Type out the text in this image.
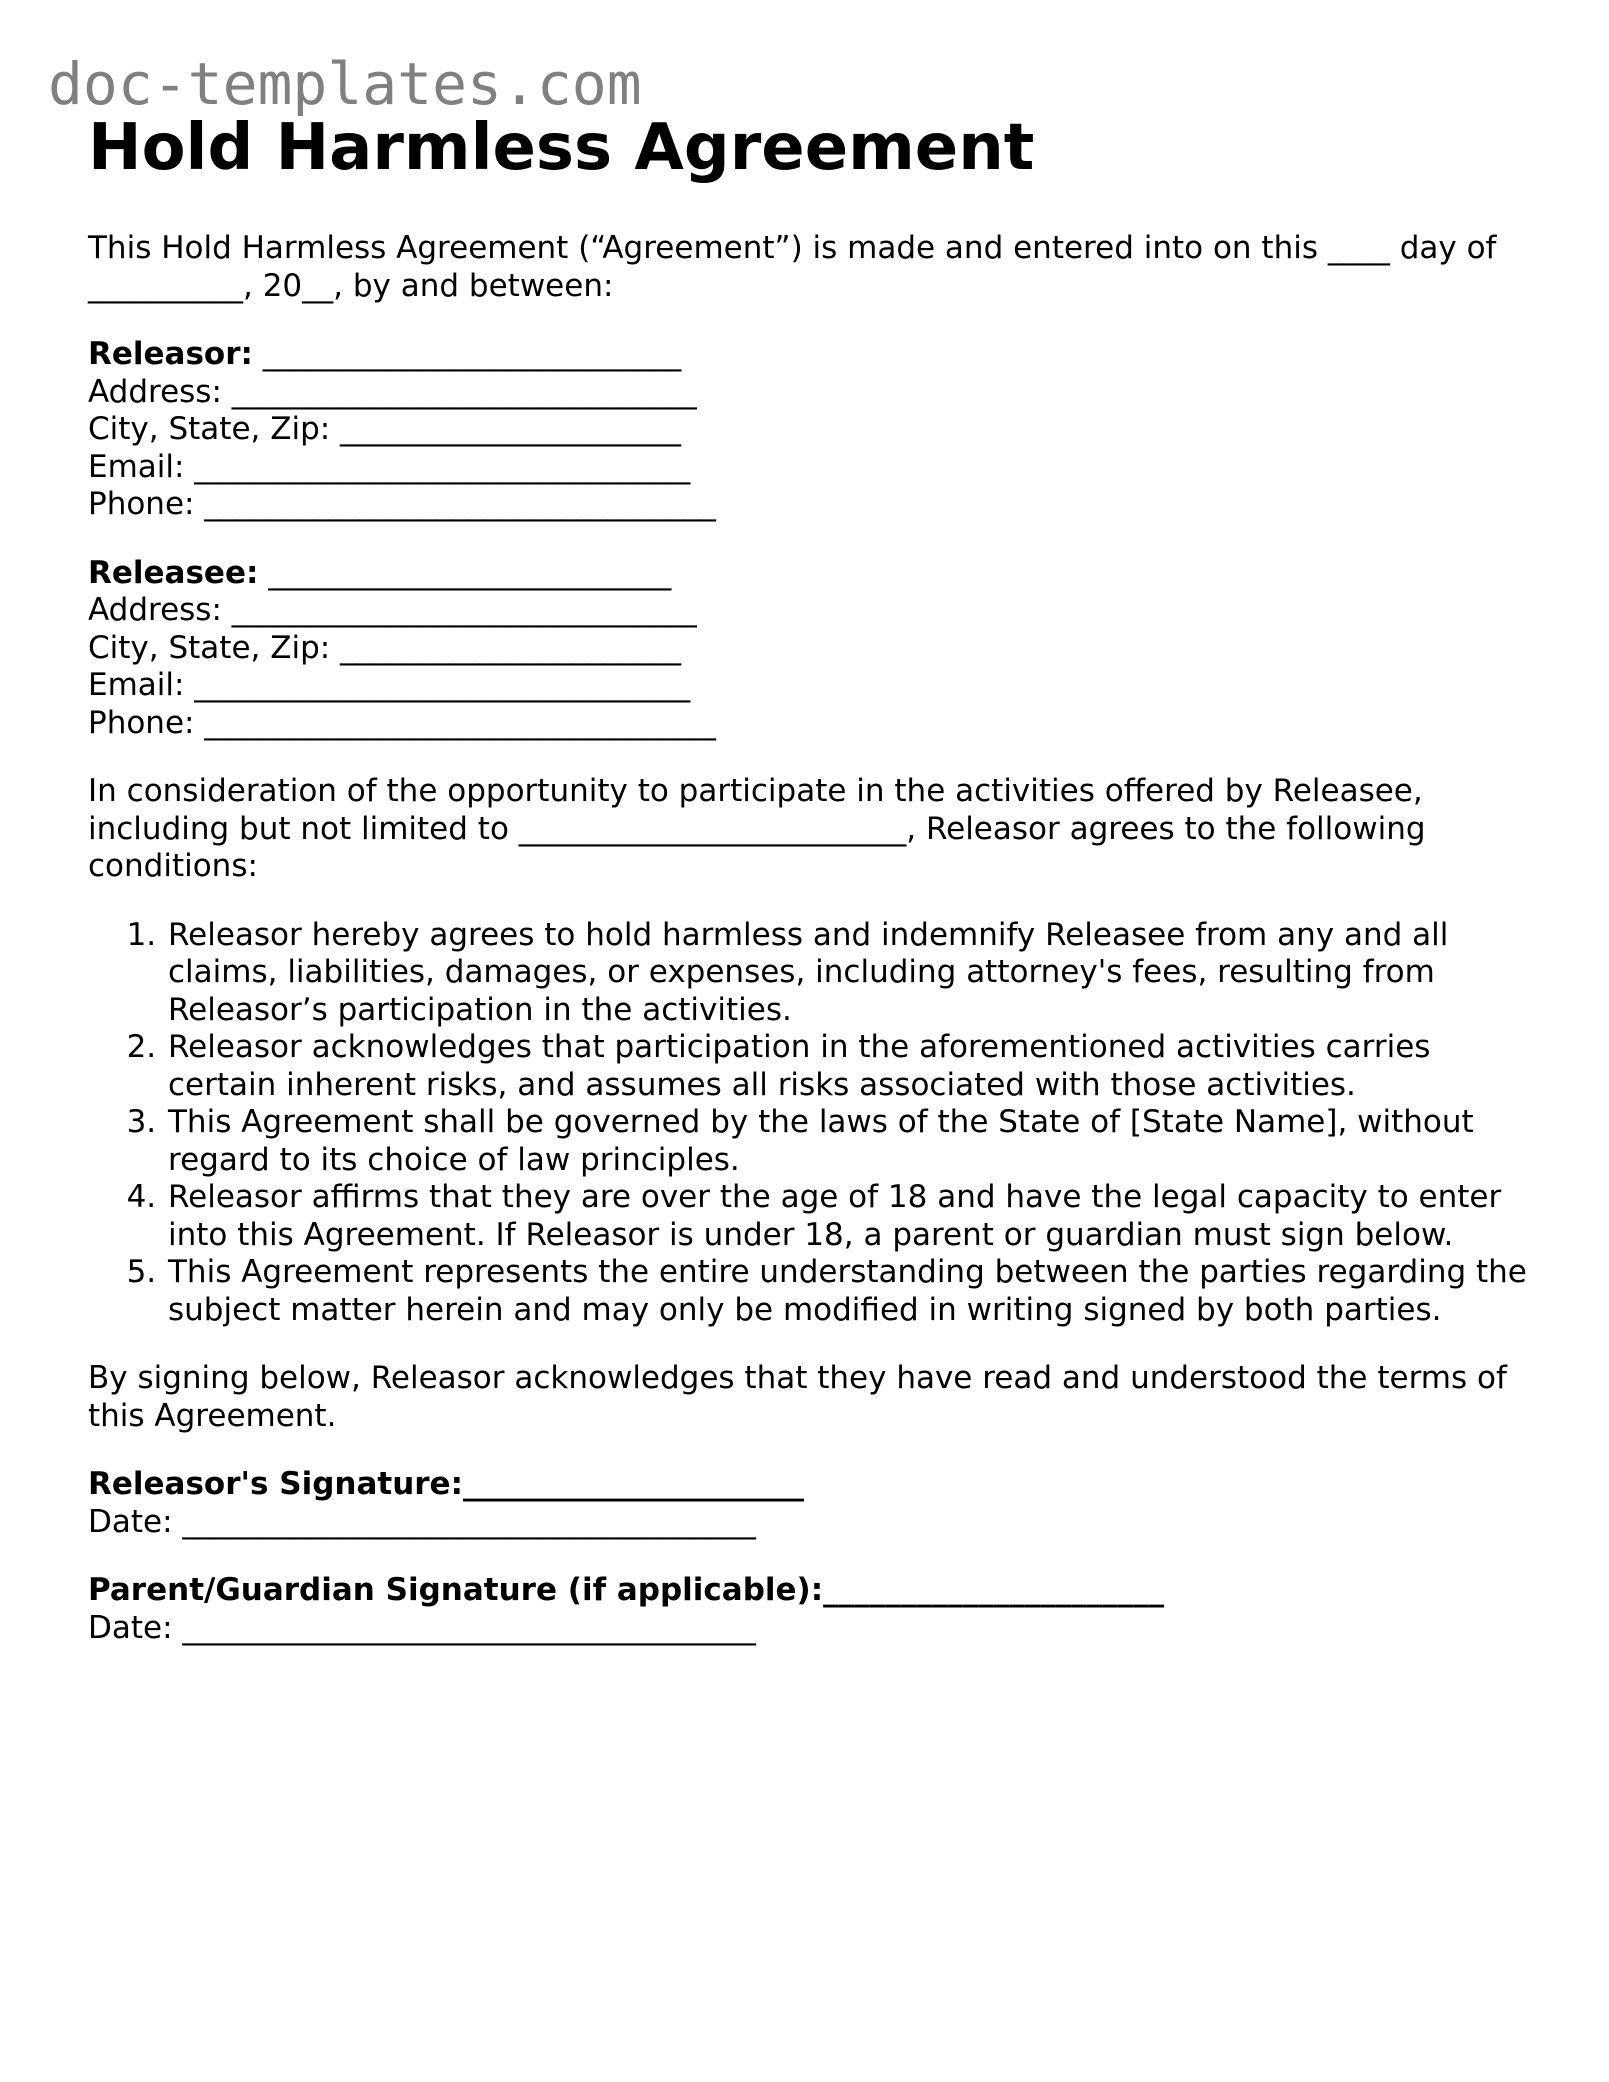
doc-templates.com
Hold Harmless Agreement

This Hold Harmless Agreement (“Agreement”) is made and entered into on this ____ day of __________, 20__, by and between:

Releasor: ___________________________
Address: ______________________________
City, State, Zip: ______________________
Email: ________________________________
Phone: _________________________________
Releasee: __________________________
Address: ______________________________
City, State, Zip: ______________________
Email: ________________________________
Phone: _________________________________

In consideration of the opportunity to participate in the activities offered by Releasee, including but not limited to _________________________, Releasor agrees to the following conditions:

1. Releasor hereby agrees to hold harmless and indemnify Releasee from any and all claims, liabilities, damages, or expenses, including attorney's fees, resulting from Releasor’s participation in the activities.
2. Releasor acknowledges that participation in the aforementioned activities carries certain inherent risks, and assumes all risks associated with those activities.
3. This Agreement shall be governed by the laws of the State of [State Name], without regard to its choice of law principles.
4. Releasor affirms that they are over the age of 18 and have the legal capacity to enter into this Agreement. If Releasor is under 18, a parent or guardian must sign below.
5. This Agreement represents the entire understanding between the parties regarding the subject matter herein and may only be modified in writing signed by both parties.

By signing below, Releasor acknowledges that they have read and understood the terms of this Agreement.

Releasor's Signature:______________________
Date: _____________________________________
Parent/Guardian Signature (if applicable):______________________
Date: _____________________________________
